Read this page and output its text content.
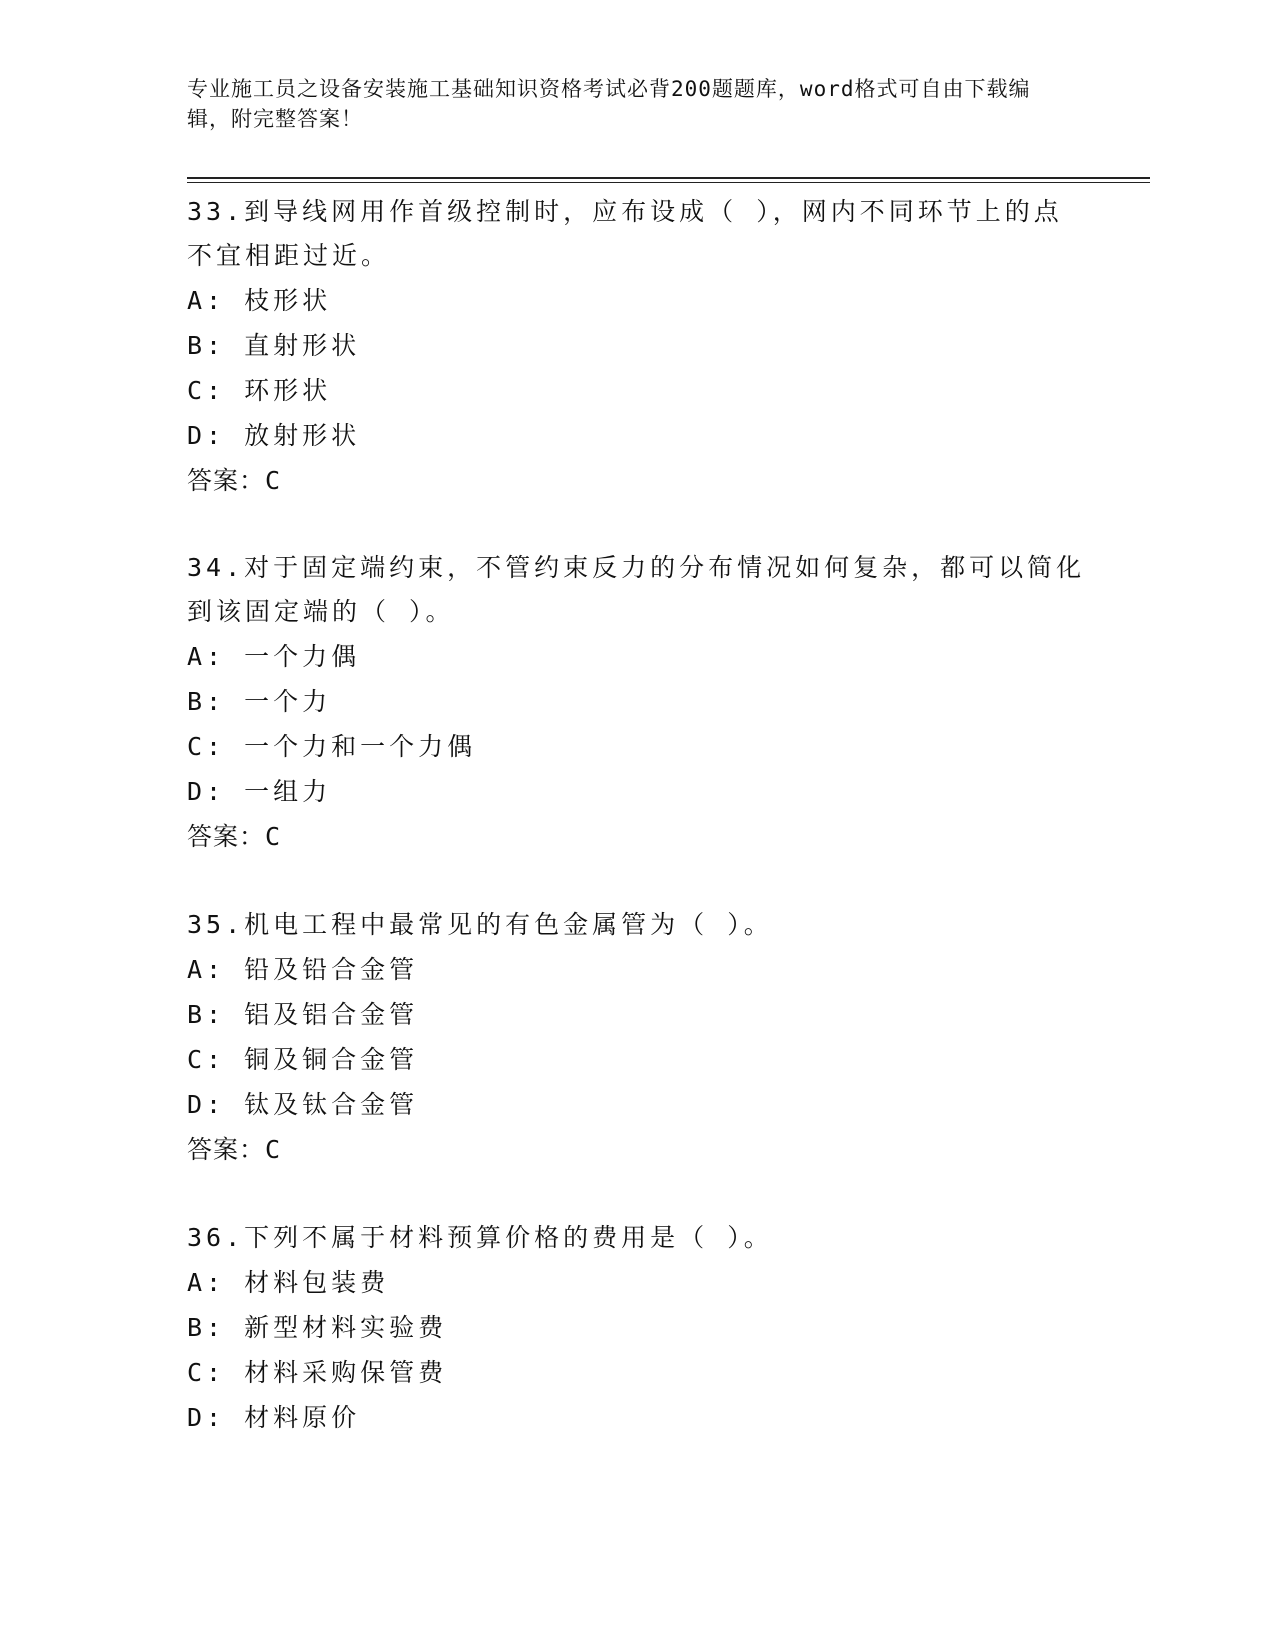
专业施工员之设备安装施工基础知识资格考试必背200题题库，word格式可自由下载编辑，附完整答案！

33.到导线网用作首级控制时，应布设成（ ），网内不同环节上的点不宜相距过近。

A: 枝形状

B: 直射形状

C: 环形状

D: 放射形状

答案：C

34.对于固定端约束，不管约束反力的分布情况如何复杂，都可以简化到该固定端的（ ）。

A: 一个力偶

B: 一个力

C: 一个力和一个力偶

D: 一组力

答案：C

35.机电工程中最常见的有色金属管为（ ）。

A: 铅及铅合金管

B: 铝及铝合金管

C: 铜及铜合金管

D: 钛及钛合金管

答案：C

36.下列不属于材料预算价格的费用是（ ）。

A: 材料包装费

B: 新型材料实验费

C: 材料采购保管费

D: 材料原价
